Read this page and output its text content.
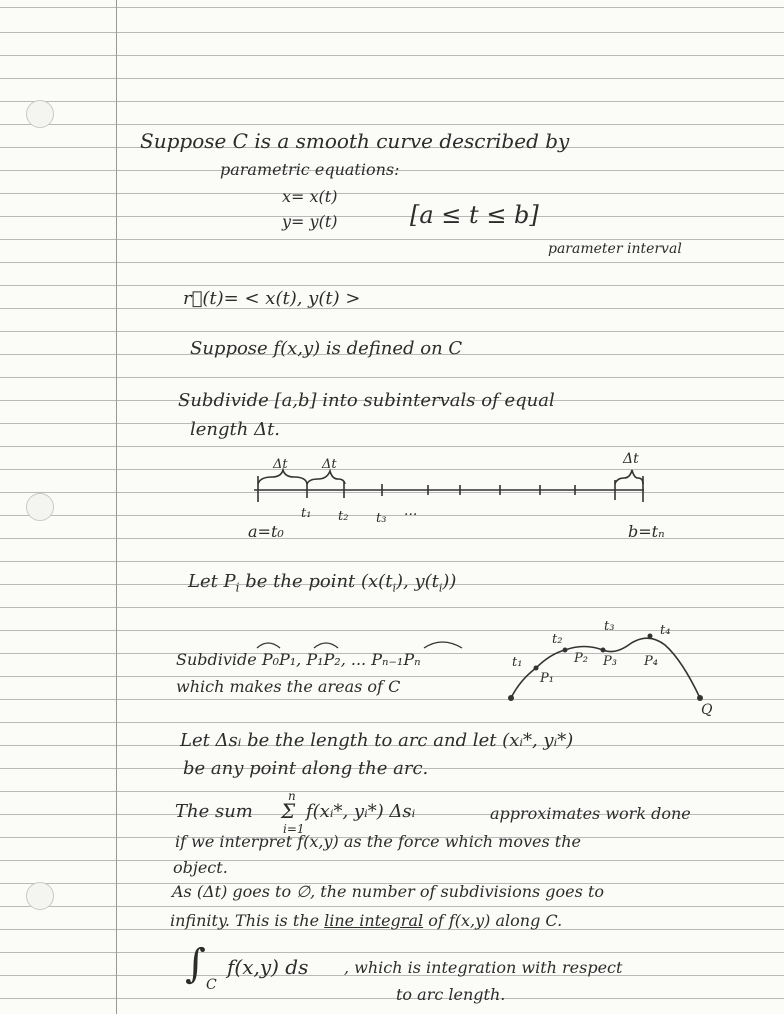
Suppose C is a smooth curve described by
parametric equations:
x= x(t)
y= y(t)	[a ≤ t ≤ b]
parameter interval
r⃗(t)= < x(t), y(t) >
Suppose f(x,y) is defined on C
Subdivide [a,b] into subintervals of equal
length Δt.
Δt	Δt	Δt
a=t₀
t₁ t₂ t₃ ...
b=tₙ
Let $P_i$ be the point ($x(t_i)$, $y(t_i)$)
Subdivide P₀P₁, P₁P₂, ... Pₙ₋₁Pₙ
which makes the areas of C
t₁
t₂
t₃	t₄
P₁
P₂ P₃ P₄
Q
Let Δsᵢ be the length to arc and let (xᵢ*, yᵢ*)
be any point along the arc.
The sum
n
Σ
i=1
f(xᵢ*, yᵢ*) Δsᵢ	approximates work done
if we interpret f(x,y) as the force which moves the
object.
As (Δt) goes to ∅, the number of subdivisions goes to
infinity. This is the line integral of f(x,y) along C.
∫ C
f(x,y) ds , which is integration with respect
to arc length.
